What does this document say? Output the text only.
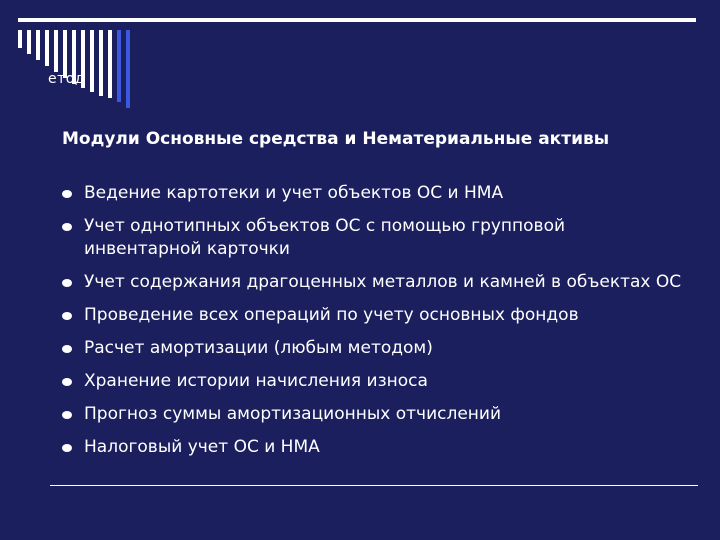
етод
Модули Основные средства и Нематериальные активы
Ведение картотеки и учет объектов ОС и НМА
Учет однотипных объектов ОС с помощью групповой инвентарной карточки
Учет содержания драгоценных металлов и камней в объектах ОС
Проведение всех операций по учету основных фондов
Расчет амортизации (любым методом)
Хранение истории начисления износа
Прогноз суммы амортизационных отчислений
Налоговый учет ОС и НМА
